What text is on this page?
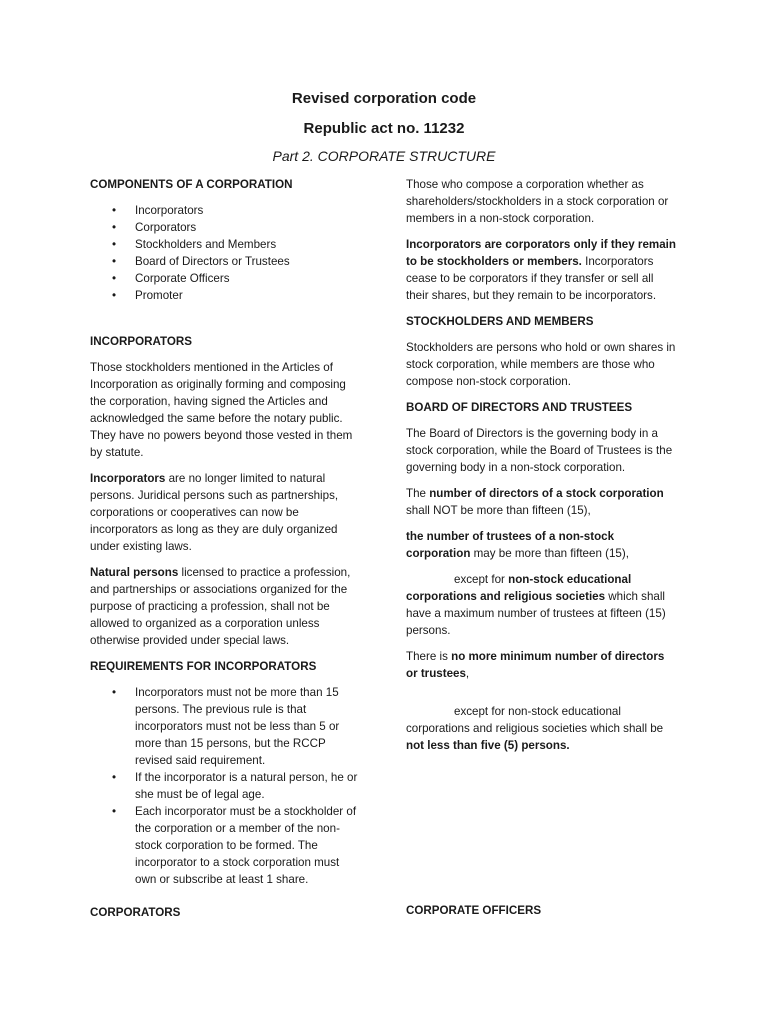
Revised corporation code
Republic act no. 11232
Part 2. CORPORATE STRUCTURE
COMPONENTS OF A CORPORATION
• Incorporators
• Corporators
• Stockholders and Members
• Board of Directors or Trustees
• Corporate Officers
• Promoter
INCORPORATORS

Those stockholders mentioned in the Articles of Incorporation as originally forming and composing the corporation, having signed the Articles and acknowledged the same before the notary public. They have no powers beyond those vested in them by statute.

Incorporators are no longer limited to natural persons. Juridical persons such as partnerships, corporations or cooperatives can now be incorporators as long as they are duly organized under existing laws.

Natural persons licensed to practice a profession, and partnerships or associations organized for the purpose of practicing a profession, shall not be allowed to organized as a corporation unless otherwise provided under special laws.

REQUIREMENTS FOR INCORPORATORS
• Incorporators must not be more than 15 persons. The previous rule is that incorporators must not be less than 5 or more than 15 persons, but the RCCP revised said requirement.
• If the incorporator is a natural person, he or she must be of legal age.
• Each incorporator must be a stockholder of the corporation or a member of the non-stock corporation to be formed. The incorporator to a stock corporation must own or subscribe at least 1 share.
CORPORATORS

Those who compose a corporation whether as shareholders/stockholders in a stock corporation or members in a non-stock corporation.

Incorporators are corporators only if they remain to be stockholders or members. Incorporators cease to be corporators if they transfer or sell all their shares, but they remain to be incorporators.

STOCKHOLDERS AND MEMBERS

Stockholders are persons who hold or own shares in stock corporation, while members are those who compose non-stock corporation.

BOARD OF DIRECTORS AND TRUSTEES

The Board of Directors is the governing body in a stock corporation, while the Board of Trustees is the governing body in a non-stock corporation.

The number of directors of a stock corporation shall NOT be more than fifteen (15),

the number of trustees of a non-stock corporation may be more than fifteen (15),

except for non-stock educational corporations and religious societies which shall have a maximum number of trustees at fifteen (15) persons.

There is no more minimum number of directors or trustees,

except for non-stock educational corporations and religious societies which shall be not less than five (5) persons.

CORPORATE OFFICERS
